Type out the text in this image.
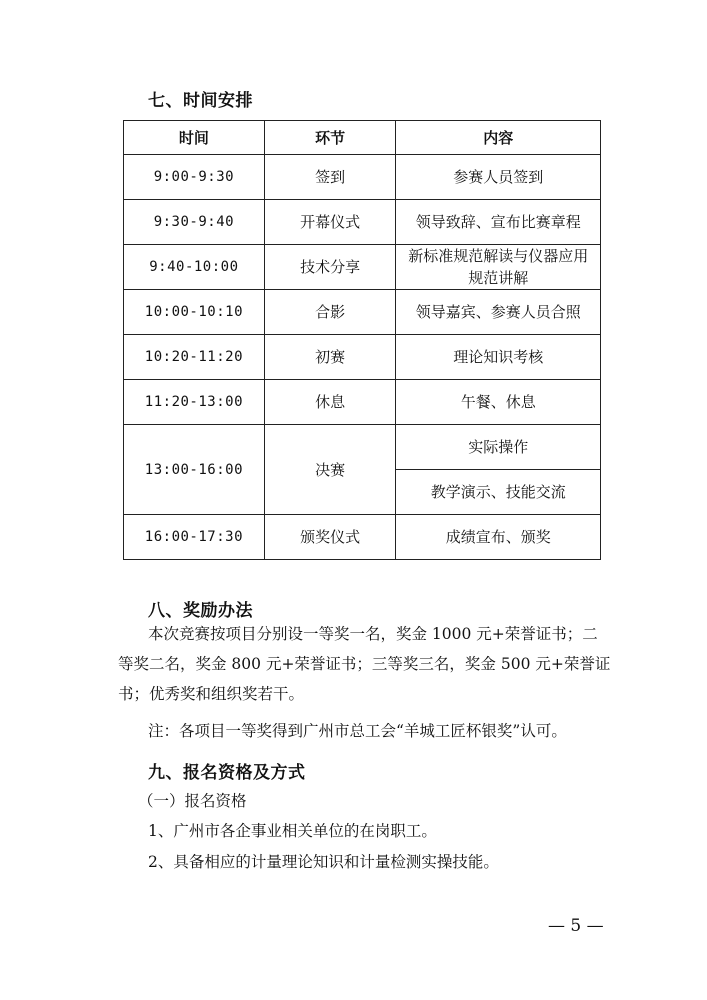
七、时间安排
时间	环节	内容
9:00-9:30	签到	参赛人员签到
9:30-9:40	开幕仪式	领导致辞、宣布比赛章程
9:40-10:00	技术分享	新标准规范解读与仪器应用规范讲解
10:00-10:10	合影	领导嘉宾、参赛人员合照
10:20-11:20	初赛	理论知识考核
11:20-13:00	休息	午餐、休息
13:00-16:00	决赛	实际操作
		教学演示、技能交流
16:00-17:30	颁奖仪式	成绩宣布、颁奖
八、奖励办法
本次竞赛按项目分别设一等奖一名，奖金 1000 元+荣誉证书；二
等奖二名，奖金 800 元+荣誉证书；三等奖三名，奖金 500 元+荣誉证
书；优秀奖和组织奖若干。
注：各项目一等奖得到广州市总工会“羊城工匠杯银奖”认可。
九、报名资格及方式
（一）报名资格
1、广州市各企事业相关单位的在岗职工。
2、具备相应的计量理论知识和计量检测实操技能。
— 5 —
